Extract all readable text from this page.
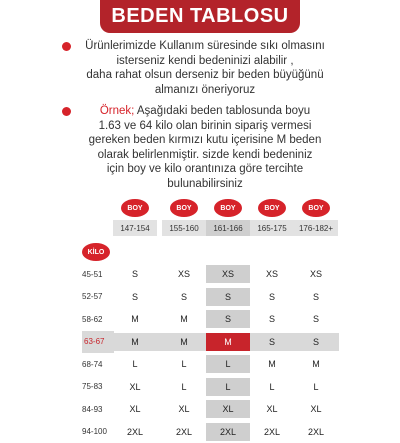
BEDEN TABLOSU
Ürünlerimizde Kullanım süresinde sıkı olmasını
isterseniz kendi bedeninizi alabilir ,
daha rahat olsun derseniz bir beden büyüğünü
almanızı öneriyoruz
Örnek; Aşağıdaki beden tablosunda boyu
1.63 ve 64 kilo olan birinin sipariş vermesi
gereken beden kırmızı kutu içerisine M beden
olarak belirlenmiştir. sizde kendi bedeniniz
için boy ve kilo orantınıza göre tercihte
bulunabilirsiniz
BOY	BOY	BOY	BOY	BOY
147-154	155-160	161-166	165-175	176-182+
KİLO
45-51	S	XS	XS	XS	XS
52-57	S	S	S	S	S
58-62	M	M	S	S	S
63-67	M	M	M	S	S
68-74	L	L	L	M	M
75-83	XL	L	L	L	L
84-93	XL	XL	XL	XL	XL
94-100	2XL	2XL	2XL	2XL	2XL
